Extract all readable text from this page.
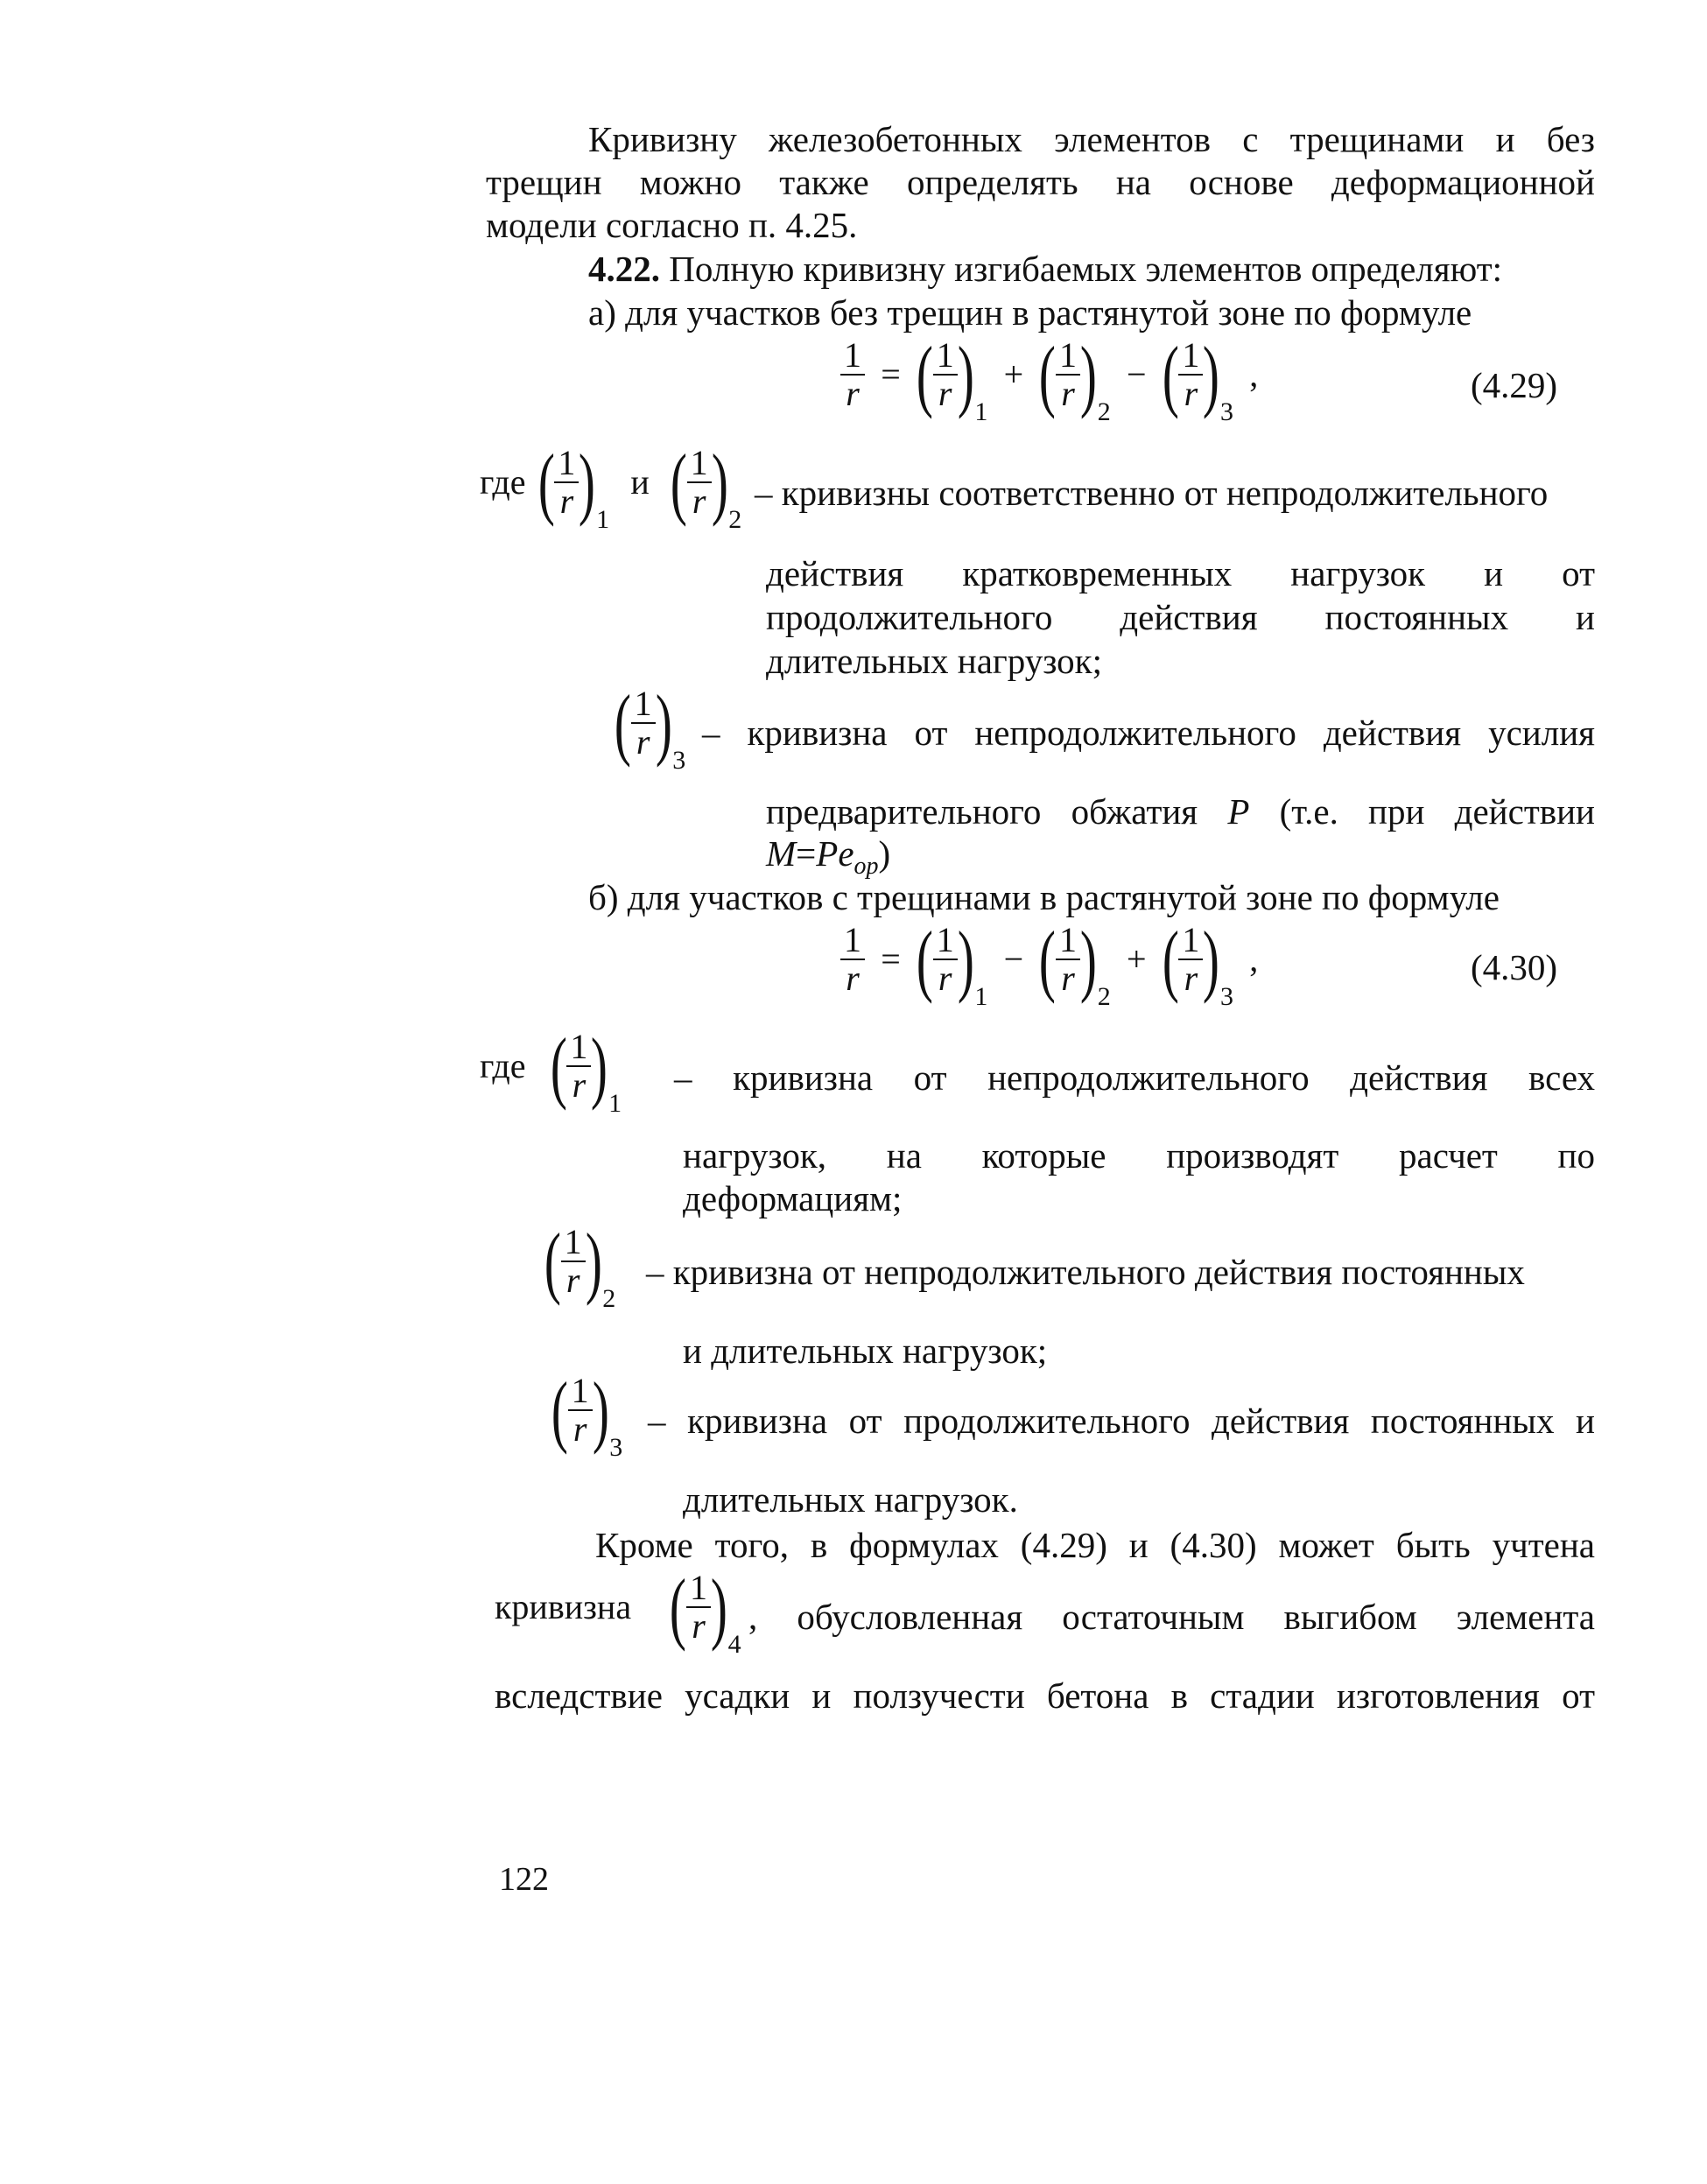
Кривизну железобетонных элементов с трещинами и без
трещин можно также определять на основе деформационной
модели согласно п. 4.25.
4.22. Полную кривизну изгибаемых элементов определяют:
а) для участков без трещин в растянутой зоне по формуле
$\frac{1}{r}$ = ( $\frac{1}{r}$ ) 1
+ ( $\frac{1}{r}$ ) 2
− ( $\frac{1}{r}$ ) 3
,	(4.29)
где ( $\frac{1}{r}$ ) 1
и ( $\frac{1}{r}$ ) 2
– кривизны соответственно от непродолжительного
действия кратковременных нагрузок и от
продолжительного действия постоянных и
длительных нагрузок;
( $\frac{1}{r}$ ) 3
– кривизна от непродолжительного действия усилия
предварительного обжатия P (т.е. при действии
$M=Pe_{op}$)
б) для участков с трещинами в растянутой зоне по формуле
$\frac{1}{r}$ = ( $\frac{1}{r}$ ) 1
− ( $\frac{1}{r}$ ) 2
+ ( $\frac{1}{r}$ ) 3
,	(4.30)
где ( $\frac{1}{r}$ ) 1
– кривизна от непродолжительного действия всех
нагрузок, на которые производят расчет по
деформациям;
( $\frac{1}{r}$ ) 2
– кривизна от непродолжительного действия постоянных
и длительных нагрузок;
( $\frac{1}{r}$ ) 3
– кривизна от продолжительного действия постоянных и
длительных нагрузок.
Кроме того, в формулах (4.29) и (4.30) может быть учтена
кривизна ( $\frac{1}{r}$ ) 4
, обусловленная остаточным выгибом элемента
вследствие усадки и ползучести бетона в стадии изготовления от
122
